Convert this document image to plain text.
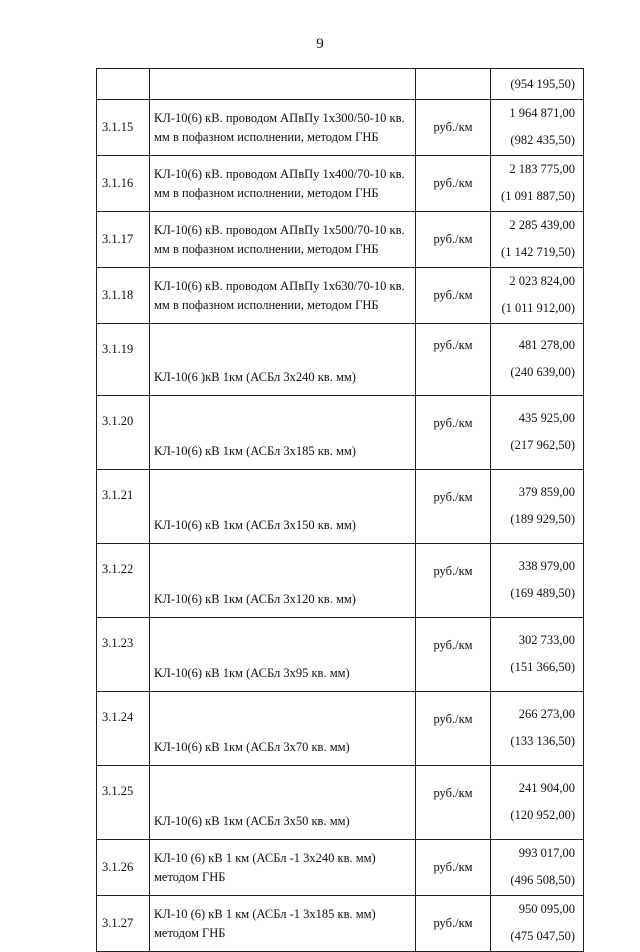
9

			(954 195,50)

3.1.15	КЛ-10(6) кВ. проводом АПвПу 1х300/50-10 кв. мм в пофазном исполнении, методом ГНБ	руб./км	1 964 871,00
(982 435,50)

3.1.16	КЛ-10(6) кВ. проводом АПвПу 1х400/70-10 кв. мм в пофазном исполнении, методом ГНБ	руб./км	2 183 775,00
(1 091 887,50)

3.1.17	КЛ-10(6) кВ. проводом АПвПу 1х500/70-10 кв. мм в пофазном исполнении, методом ГНБ	руб./км	2 285 439,00
(1 142 719,50)

3.1.18	КЛ-10(6) кВ. проводом АПвПу 1х630/70-10 кв. мм в пофазном исполнении, методом ГНБ	руб./км	2 023 824,00
(1 011 912,00)

3.1.19	КЛ-10(6 )кВ 1км (АСБл 3х240 кв. мм)	руб./км	481 278,00
(240 639,00)

3.1.20	КЛ-10(6) кВ 1км (АСБл 3х185 кв. мм)	руб./км	435 925,00
(217 962,50)

3.1.21	КЛ-10(6) кВ 1км (АСБл 3х150 кв. мм)	руб./км	379 859,00
(189 929,50)

3.1.22	КЛ-10(6) кВ 1км (АСБл 3х120 кв. мм)	руб./км	338 979,00
(169 489,50)

3.1.23	КЛ-10(6) кВ 1км (АСБл 3х95 кв. мм)	руб./км	302 733,00
(151 366,50)

3.1.24	КЛ-10(6) кВ 1км (АСБл 3х70 кв. мм)	руб./км	266 273,00
(133 136,50)

3.1.25	КЛ-10(6) кВ 1км (АСБл 3х50 кв. мм)	руб./км	241 904,00
(120 952,00)

3.1.26	КЛ-10 (6) кВ 1 км (АСБл -1 3х240 кв. мм) методом ГНБ	руб./км	993 017,00
(496 508,50)

3.1.27	КЛ-10 (6) кВ 1 км (АСБл -1 3х185 кв. мм) методом ГНБ	руб./км	950 095,00
(475 047,50)
